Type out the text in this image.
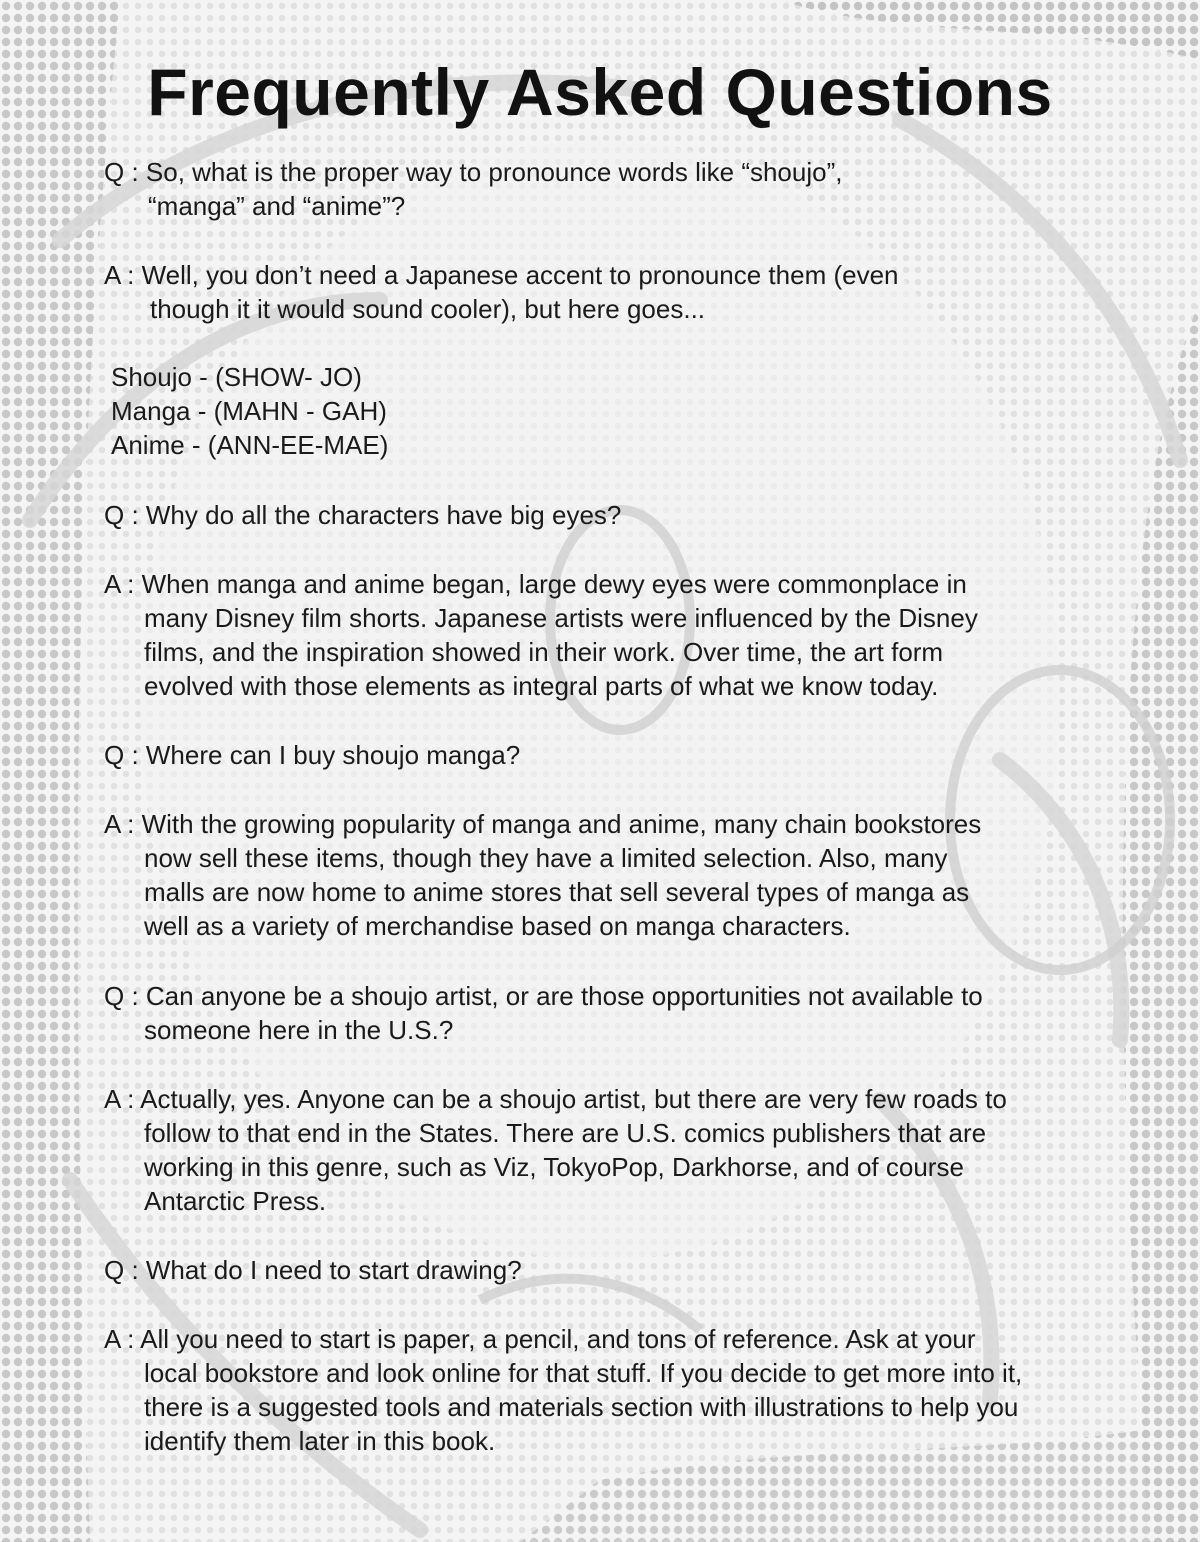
Frequently Asked Questions
Q : So, what is the proper way to pronounce words like “shoujo”,
“manga” and “anime”?
A : Well, you don’t need a Japanese accent to pronounce them (even
though it it would sound cooler), but here goes...
Shoujo - (SHOW- JO)
Manga - (MAHN - GAH)
Anime - (ANN-EE-MAE)
Q : Why do all the characters have big eyes?
A : When manga and anime began, large dewy eyes were commonplace in
many Disney film shorts. Japanese artists were influenced by the Disney
films, and the inspiration showed in their work. Over time, the art form
evolved with those elements as integral parts of what we know today.
Q : Where can I buy shoujo manga?
A : With the growing popularity of manga and anime, many chain bookstores
now sell these items, though they have a limited selection. Also, many
malls are now home to anime stores that sell several types of manga as
well as a variety of merchandise based on manga characters.
Q : Can anyone be a shoujo artist, or are those opportunities not available to
someone here in the U.S.?
A : Actually, yes. Anyone can be a shoujo artist, but there are very few roads to
follow to that end in the States. There are U.S. comics publishers that are
working in this genre, such as Viz, TokyoPop, Darkhorse, and of course
Antarctic Press.
Q : What do I need to start drawing?
A : All you need to start is paper, a pencil, and tons of reference. Ask at your
local bookstore and look online for that stuff. If you decide to get more into it,
there is a suggested tools and materials section with illustrations to help you
identify them later in this book.
